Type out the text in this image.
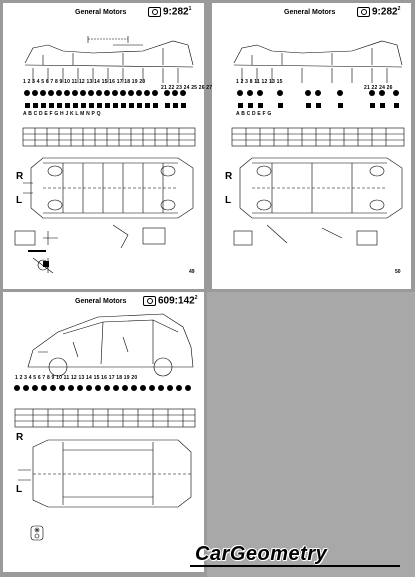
General Motors	$9:282^1$
1 2 3 4 5 6 7 8 9 10 11 12 13 14 15 16 17 18 19 20
21 22 23 24 25 26 27
A B C D E F G H J K L M N P Q
R
L
49
General Motors	$9:282^2$
1 2 3 8 11 12 13 15
21 22 24 26
A B C D E F G
R
L
50
General Motors	$609:142^2$
1 2 3 4 5 6 7 8 9 10 11 12 13 14 15 16 17 18 19 20
R
L
CarGeometry
